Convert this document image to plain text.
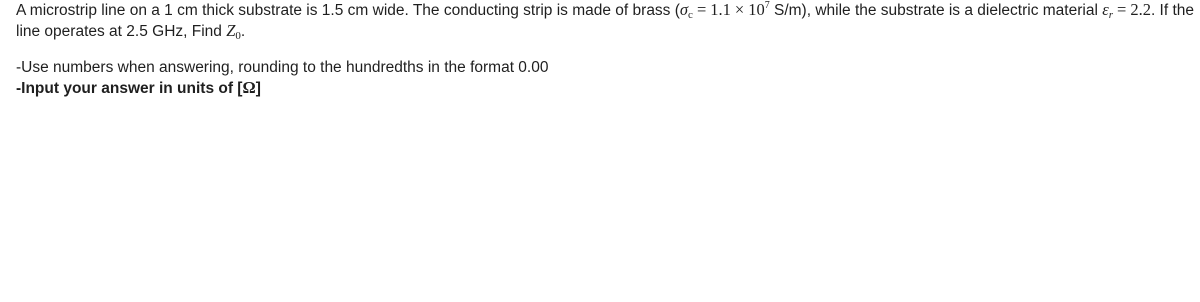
A microstrip line on a 1 cm thick substrate is 1.5 cm wide. The conducting strip is made of brass ($\sigma_c = 1.1 \times 10^7$ S/m), while the substrate is a dielectric material $\varepsilon_r = 2.2$. If the
line operates at 2.5 GHz, Find $Z_0$.
-Use numbers when answering, rounding to the hundredths in the format 0.00
-Input your answer in units of [Ω]
